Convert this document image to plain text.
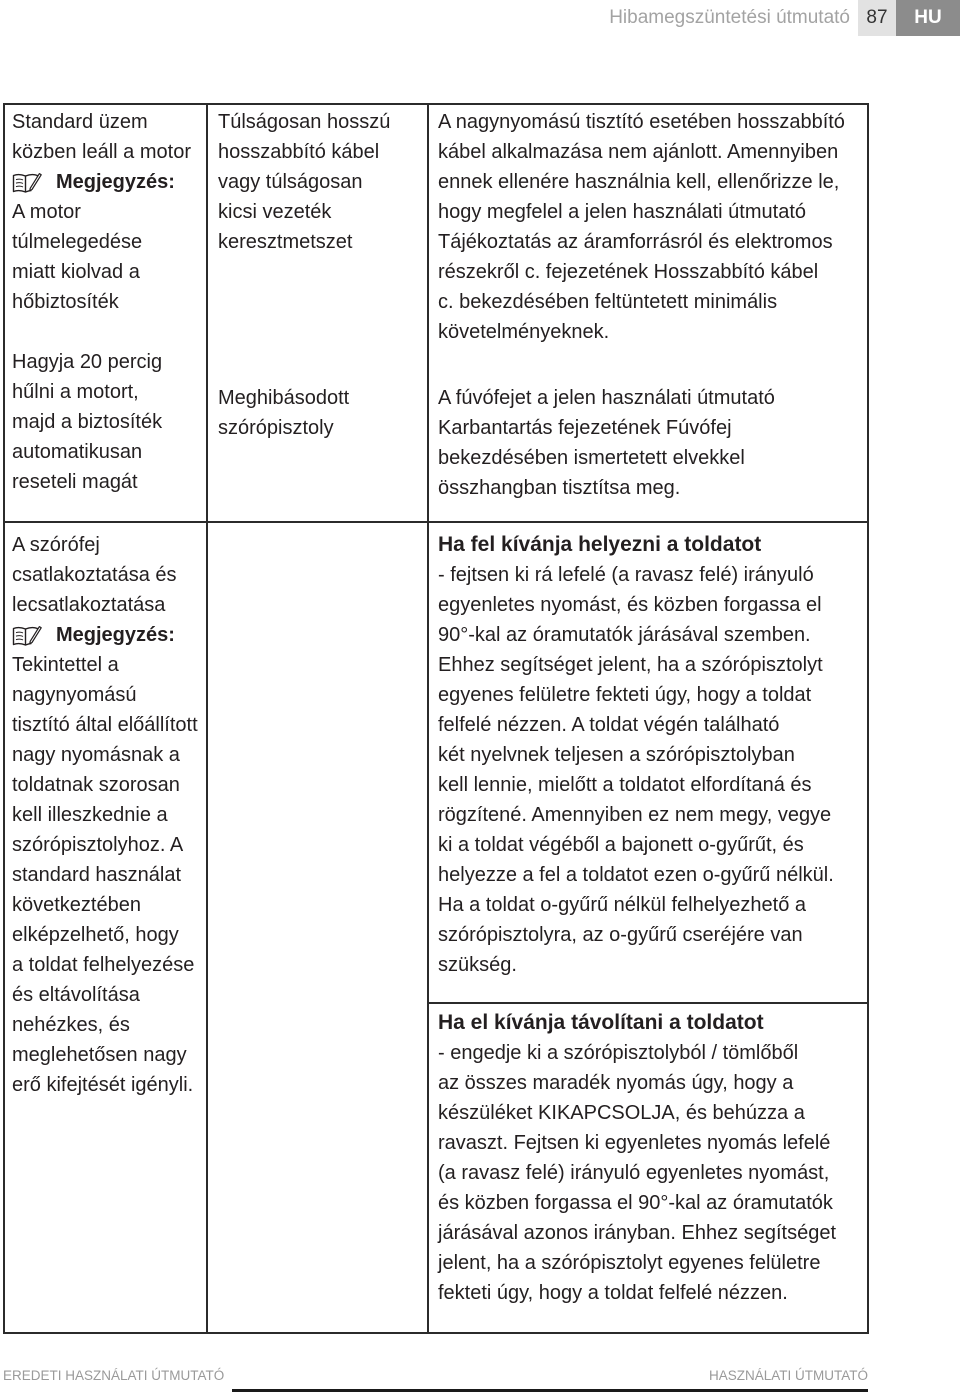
Hibamegszüntetési útmutató 87	HU
Standard üzem
közben leáll a motor
Megjegyzés:
A motor
túlmelegedése
miatt kiolvad a
hőbiztosíték
Hagyja 20 percig
hűlni a motort,
majd a biztosíték
automatikusan
reseteli magát
Túlságosan hosszú
hosszabbító kábel
vagy túlságosan
kicsi vezeték
keresztmetszet
Meghibásodott
szórópisztoly
A nagynyomású tisztító esetében hosszabbító
kábel alkalmazása nem ajánlott. Amennyiben
ennek ellenére használnia kell, ellenőrizze le,
hogy megfelel a jelen használati útmutató
Tájékoztatás az áramforrásról és elektromos
részekről c. fejezetének Hosszabbító kábel
c. bekezdésében feltüntetett minimális
követelményeknek.
A fúvófejet a jelen használati útmutató
Karbantartás fejezetének Fúvófej
bekezdésében ismertetett elvekkel
összhangban tisztítsa meg.
A szórófej
csatlakoztatása és
lecsatlakoztatása
Megjegyzés:
Tekintettel a
nagynyomású
tisztító által előállított
nagy nyomásnak a
toldatnak szorosan
kell illeszkednie a
szórópisztolyhoz. A
standard használat
következtében
elképzelhető, hogy
a toldat felhelyezése
és eltávolítása
nehézkes, és
meglehetősen nagy
erő kifejtését igényli.
Ha fel kívánja helyezni a toldatot
- fejtsen ki rá lefelé (a ravasz felé) irányuló
egyenletes nyomást, és közben forgassa el
90°-kal az óramutatók járásával szemben.
Ehhez segítséget jelent, ha a szórópisztolyt
egyenes felületre fekteti úgy, hogy a toldat
felfelé nézzen. A toldat végén található
két nyelvnek teljesen a szórópisztolyban
kell lennie, mielőtt a toldatot elfordítaná és
rögzítené. Amennyiben ez nem megy, vegye
ki a toldat végéből a bajonett o-gyűrűt, és
helyezze a fel a toldatot ezen o-gyűrű nélkül.
Ha a toldat o-gyűrű nélkül felhelyezhető a
szórópisztolyra, az o-gyűrű cseréjére van
szükség.
Ha el kívánja távolítani a toldatot
- engedje ki a szórópisztolyból / tömlőből
az összes maradék nyomás úgy, hogy a
készüléket KIKAPCSOLJA, és behúzza a
ravaszt. Fejtsen ki egyenletes nyomás lefelé
(a ravasz felé) irányuló egyenletes nyomást,
és közben forgassa el 90°-kal az óramutatók
járásával azonos irányban. Ehhez segítséget
jelent, ha a szórópisztolyt egyenes felületre
fekteti úgy, hogy a toldat felfelé nézzen.
EREDETI HASZNÁLATI ÚTMUTATÓ	HASZNÁLATI ÚTMUTATÓ
